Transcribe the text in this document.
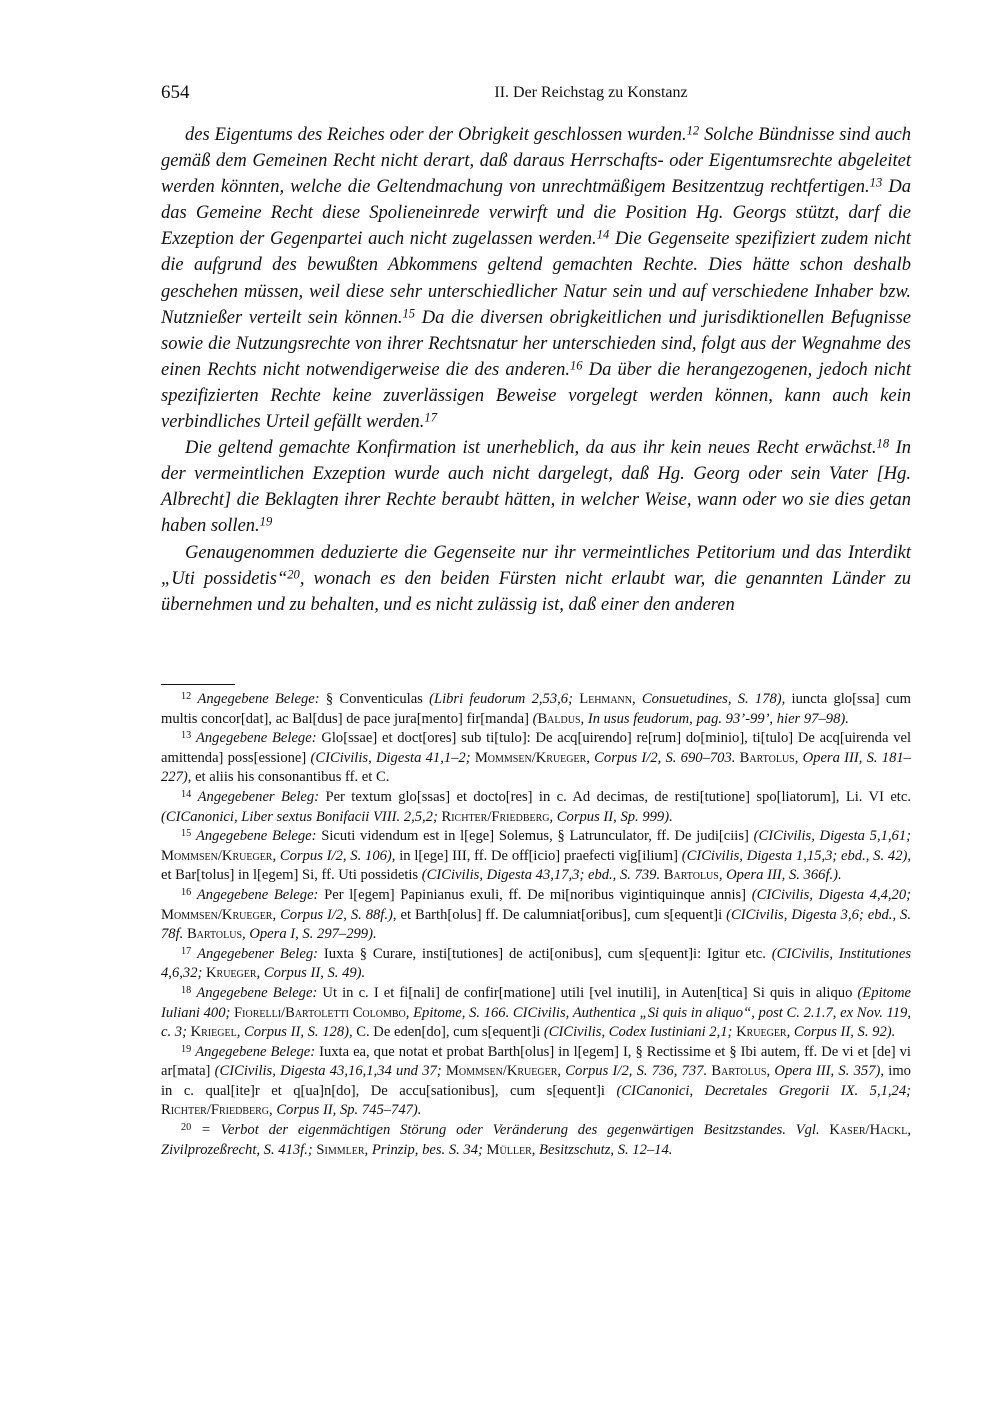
654	II. Der Reichstag zu Konstanz

des Eigentums des Reiches oder der Obrigkeit geschlossen wurden.$^{12}$ Solche Bündnisse sind auch gemäß dem Gemeinen Recht nicht derart, daß daraus Herrschafts- oder Eigentumsrechte abgeleitet werden könnten, welche die Geltendmachung von unrechtmäßigem Besitzentzug rechtfertigen.$^{13}$ Da das Gemeine Recht diese Spolieneinrede verwirft und die Position Hg. Georgs stützt, darf die Exzeption der Gegenpartei auch nicht zugelassen werden.$^{14}$ Die Gegenseite spezifiziert zudem nicht die aufgrund des bewußten Abkommens geltend gemachten Rechte. Dies hätte schon deshalb geschehen müssen, weil diese sehr unterschiedlicher Natur sein und auf verschiedene Inhaber bzw. Nutznießer verteilt sein können.$^{15}$ Da die diversen obrigkeitlichen und jurisdiktionellen Befugnisse sowie die Nutzungsrechte von ihrer Rechtsnatur her unterschieden sind, folgt aus der Wegnahme des einen Rechts nicht notwendigerweise die des anderen.$^{16}$ Da über die herangezogenen, jedoch nicht spezifizierten Rechte keine zuverlässigen Beweise vorgelegt werden können, kann auch kein verbindliches Urteil gefällt werden.$^{17}$

Die geltend gemachte Konfirmation ist unerheblich, da aus ihr kein neues Recht erwächst.$^{18}$ In der vermeintlichen Exzeption wurde auch nicht dargelegt, daß Hg. Georg oder sein Vater [Hg. Albrecht] die Beklagten ihrer Rechte beraubt hätten, in welcher Weise, wann oder wo sie dies getan haben sollen.$^{19}$

Genaugenommen deduzierte die Gegenseite nur ihr vermeintliches Petitorium und das Interdikt „Uti possidetis“$^{20}$, wonach es den beiden Fürsten nicht erlaubt war, die genannten Länder zu übernehmen und zu behalten, und es nicht zulässig ist, daß einer den anderen

$^{12}$ Angegebene Belege: § Conventiculas (Libri feudorum 2,53,6; Lehmann, Consuetudines, S. 178), iuncta glo[ssa] cum multis concor[dat], ac Bal[dus] de pace jura[mento] fir[manda] (Baldus, In usus feudorum, pag. 93’-99’, hier 97–98).

$^{13}$ Angegebene Belege: Glo[ssae] et doct[ores] sub ti[tulo]: De acq[uirendo] re[rum] do[minio], ti[tulo] De acq[uirenda vel amittenda] poss[essione] (CICivilis, Digesta 41,1–2; Mommsen/Krueger, Corpus I/2, S. 690–703. Bartolus, Opera III, S. 181–227), et aliis his consonantibus ff. et C.

$^{14}$ Angegebener Beleg: Per textum glo[ssas] et docto[res] in c. Ad decimas, de resti[tutione] spo[liatorum], Li. VI etc. (CICanonici, Liber sextus Bonifacii VIII. 2,5,2; Richter/Friedberg, Corpus II, Sp. 999).

$^{15}$ Angegebene Belege: Sicuti videndum est in l[ege] Solemus, § Latrunculator, ff. De judi[ciis] (CICivilis, Digesta 5,1,61; Mommsen/Krueger, Corpus I/2, S. 106), in l[ege] III, ff. De off[icio] praefecti vig[ilium] (CICivilis, Digesta 1,15,3; ebd., S. 42), et Bar[tolus] in l[egem] Si, ff. Uti possidetis (CICivilis, Digesta 43,17,3; ebd., S. 739. Bartolus, Opera III, S. 366f.).

$^{16}$ Angegebene Belege: Per l[egem] Papinianus exuli, ff. De mi[noribus vigintiquinque annis] (CICivilis, Digesta 4,4,20; Mommsen/Krueger, Corpus I/2, S. 88f.), et Barth[olus] ff. De calumniat[oribus], cum s[equent]i (CICivilis, Digesta 3,6; ebd., S. 78f. Bartolus, Opera I, S. 297–299).

$^{17}$ Angegebener Beleg: Iuxta § Curare, insti[tutiones] de acti[onibus], cum s[equent]i: Igitur etc. (CICivilis, Institutiones 4,6,32; Krueger, Corpus II, S. 49).

$^{18}$ Angegebene Belege: Ut in c. I et fi[nali] de confir[matione] utili [vel inutili], in Auten[tica] Si quis in aliquo (Epitome Iuliani 400; Fiorelli/Bartoletti Colombo, Epitome, S. 166. CICivilis, Authentica „Si quis in aliquo“, post C. 2.1.7, ex Nov. 119, c. 3; Kriegel, Corpus II, S. 128), C. De eden[do], cum s[equent]i (CICivilis, Codex Iustiniani 2,1; Krueger, Corpus II, S. 92).

$^{19}$ Angegebene Belege: Iuxta ea, que notat et probat Barth[olus] in l[egem] I, § Rectissime et § Ibi autem, ff. De vi et [de] vi ar[mata] (CICivilis, Digesta 43,16,1,34 und 37; Mommsen/Krueger, Corpus I/2, S. 736, 737. Bartolus, Opera III, S. 357), imo in c. qual[ite]r et q[ua]n[do], De accu[sationibus], cum s[equent]i (CICanonici, Decretales Gregorii IX. 5,1,24; Richter/Friedberg, Corpus II, Sp. 745–747).

$^{20}$ = Verbot der eigenmächtigen Störung oder Veränderung des gegenwärtigen Besitzstandes. Vgl. Kaser/Hackl, Zivilprozeßrecht, S. 413f.; Simmler, Prinzip, bes. S. 34; Müller, Besitzschutz, S. 12–14.
